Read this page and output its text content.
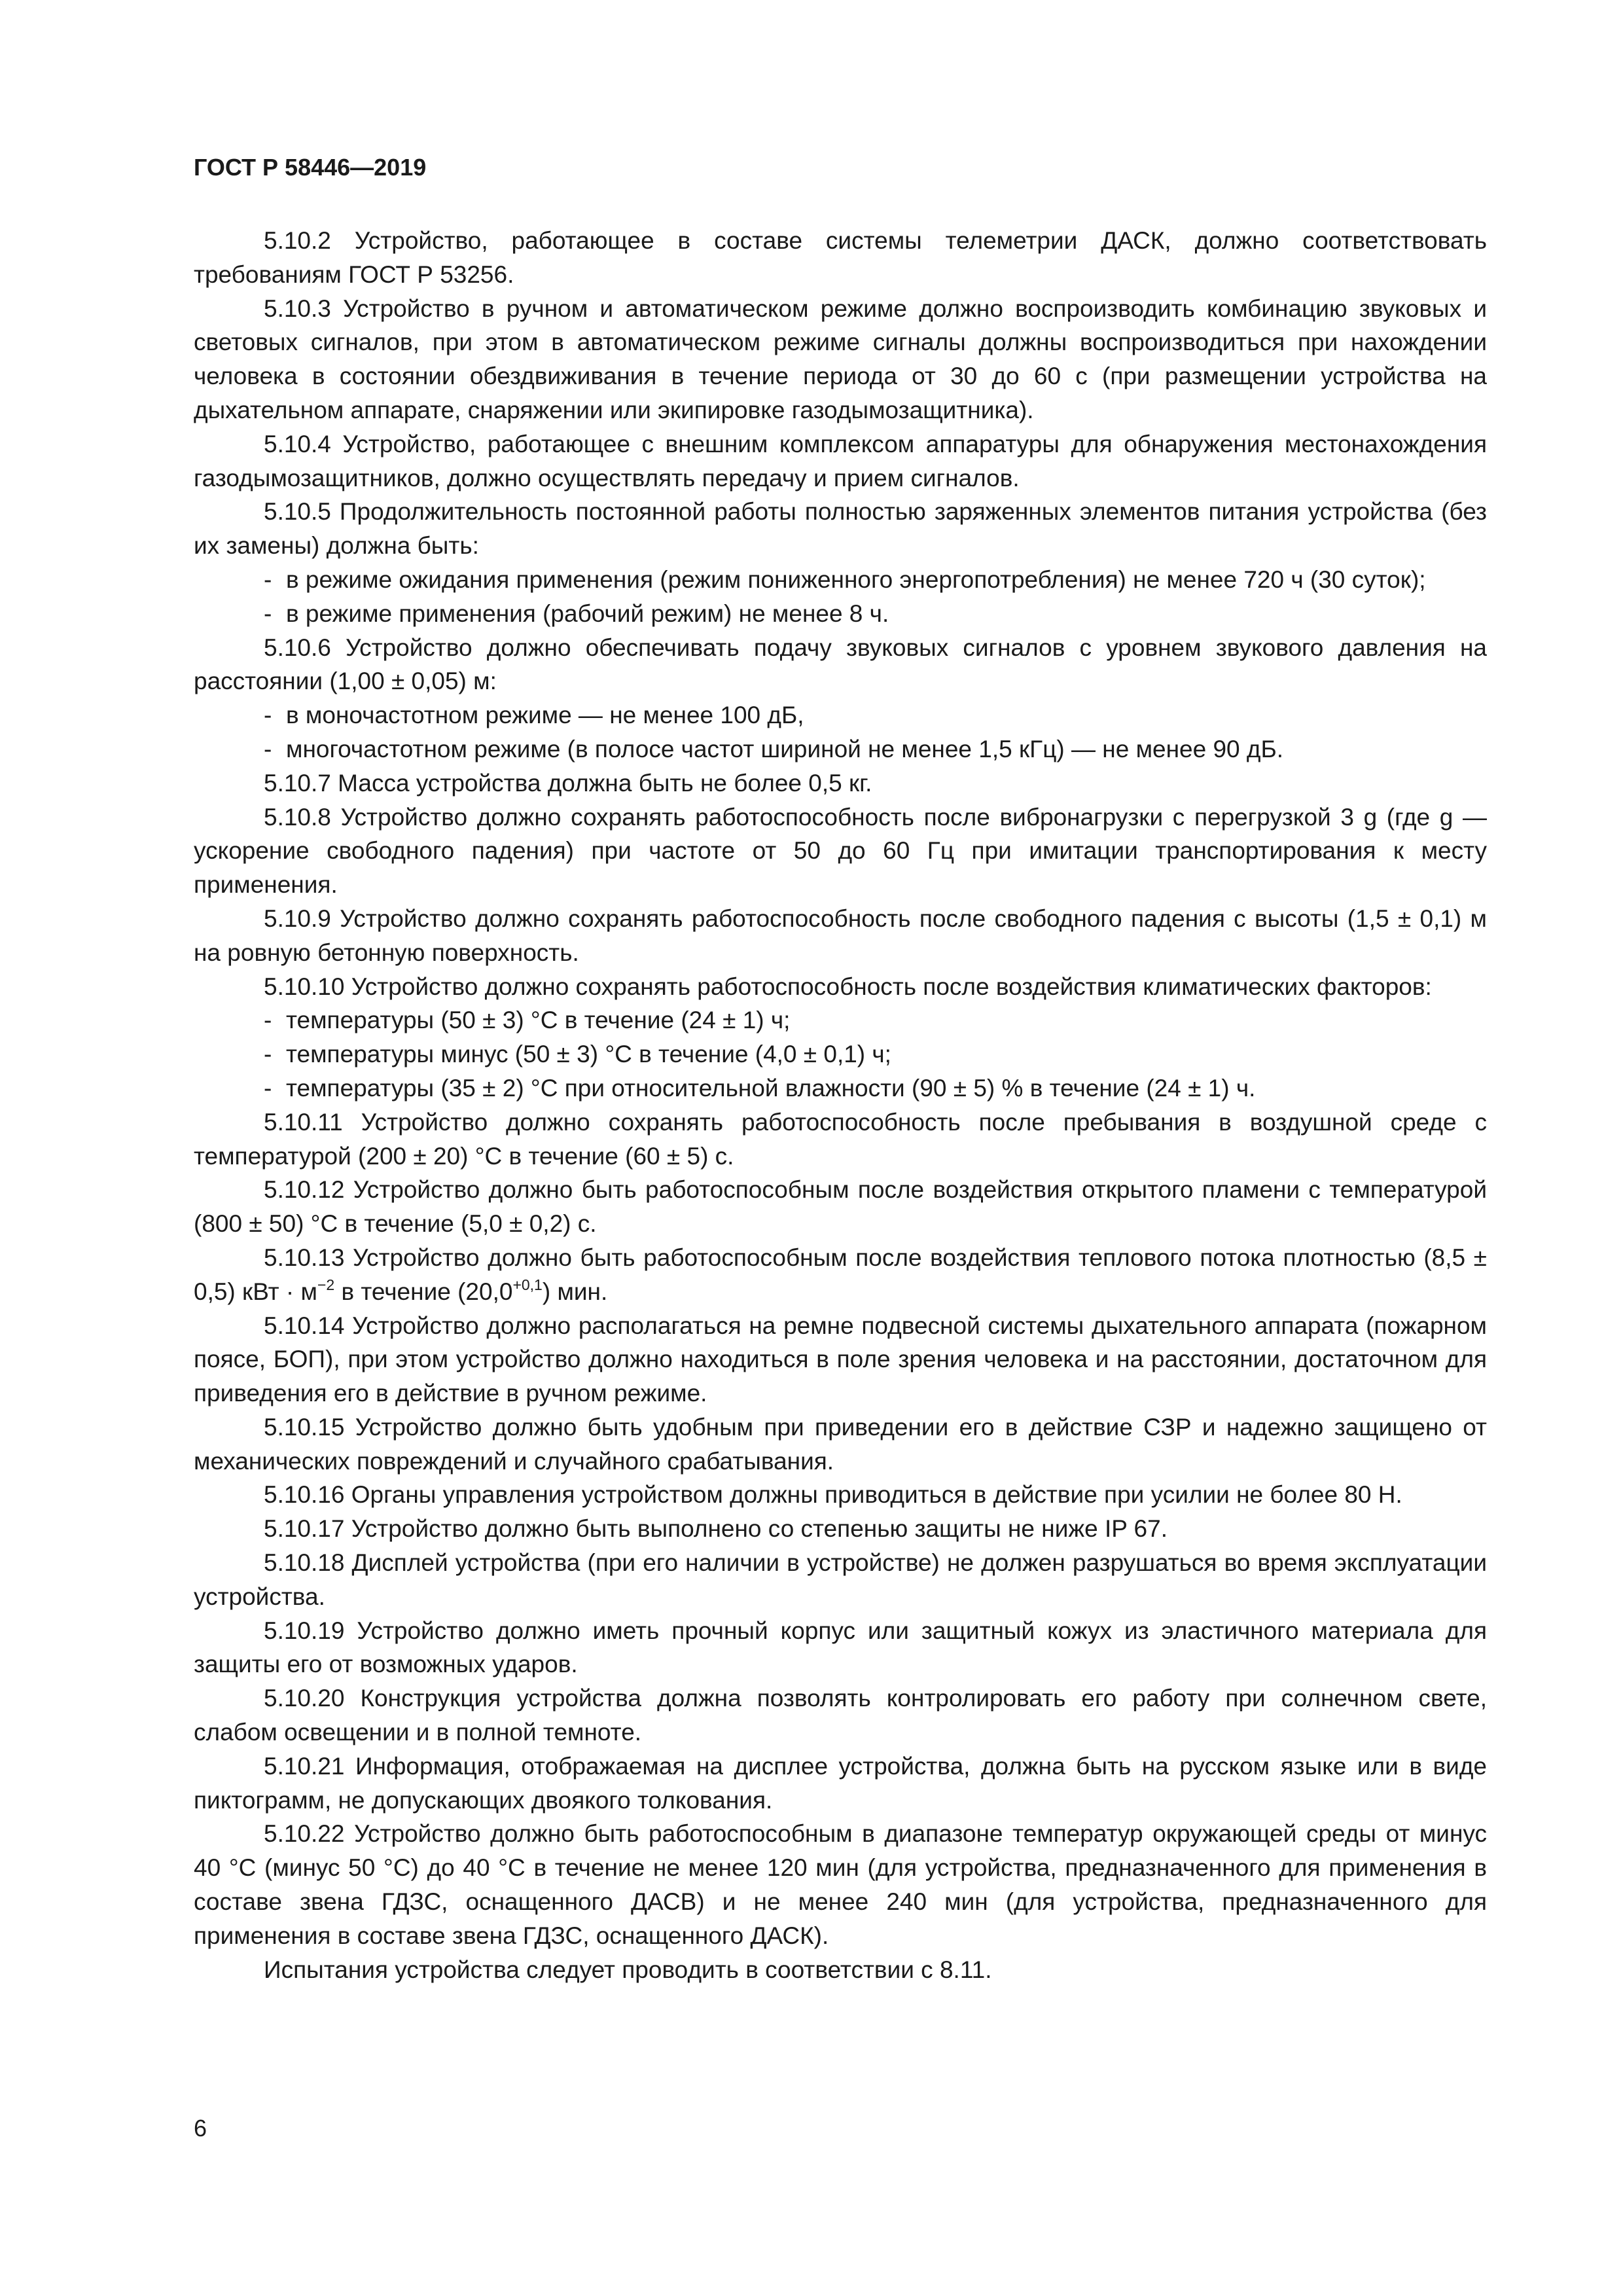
ГОСТ Р 58446—2019

5.10.2 Устройство, работающее в составе системы телеметрии ДАСК, должно соответствовать требованиям ГОСТ Р 53256.

5.10.3 Устройство в ручном и автоматическом режиме должно воспроизводить комбинацию звуковых и световых сигналов, при этом в автоматическом режиме сигналы должны воспроизводиться при нахождении человека в состоянии обездвиживания в течение периода от 30 до 60 с (при размещении устройства на дыхательном аппарате, снаряжении или экипировке газодымозащитника).

5.10.4 Устройство, работающее с внешним комплексом аппаратуры для обнаружения местонахождения газодымозащитников, должно осуществлять передачу и прием сигналов.

5.10.5 Продолжительность постоянной работы полностью заряженных элементов питания устройства (без их замены) должна быть:

- в режиме ожидания применения (режим пониженного энергопотребления) не менее 720 ч (30 суток);

- в режиме применения (рабочий режим) не менее 8 ч.

5.10.6 Устройство должно обеспечивать подачу звуковых сигналов с уровнем звукового давления на расстоянии (1,00 ± 0,05) м:

- в моночастотном режиме — не менее 100 дБ,

- многочастотном режиме (в полосе частот шириной не менее 1,5 кГц) — не менее 90 дБ.

5.10.7 Масса устройства должна быть не более 0,5 кг.

5.10.8 Устройство должно сохранять работоспособность после вибронагрузки с перегрузкой 3 g (где g — ускорение свободного падения) при частоте от 50 до 60 Гц при имитации транспортирования к месту применения.

5.10.9 Устройство должно сохранять работоспособность после свободного падения с высоты (1,5 ± 0,1) м на ровную бетонную поверхность.

5.10.10 Устройство должно сохранять работоспособность после воздействия климатических факторов:

- температуры (50 ± 3) °С в течение (24 ± 1) ч;

- температуры минус (50 ± 3) °С в течение (4,0 ± 0,1) ч;

- температуры (35 ± 2) °С при относительной влажности (90 ± 5) % в течение (24 ± 1) ч.

5.10.11 Устройство должно сохранять работоспособность после пребывания в воздушной среде с температурой (200 ± 20) °С в течение (60 ± 5) с.

5.10.12 Устройство должно быть работоспособным после воздействия открытого пламени с температурой (800 ± 50) °С в течение (5,0 ± 0,2) с.

5.10.13 Устройство должно быть работоспособным после воздействия теплового потока плотностью (8,5 ± 0,5) кВт · $м^{-2}$ в течение $(20,0^{+0,1})$ мин.

5.10.14 Устройство должно располагаться на ремне подвесной системы дыхательного аппарата (пожарном поясе, БОП), при этом устройство должно находиться в поле зрения человека и на расстоянии, достаточном для приведения его в действие в ручном режиме.

5.10.15 Устройство должно быть удобным при приведении его в действие СЗР и надежно защищено от механических повреждений и случайного срабатывания.

5.10.16 Органы управления устройством должны приводиться в действие при усилии не более 80 Н.

5.10.17 Устройство должно быть выполнено со степенью защиты не ниже IP 67.

5.10.18 Дисплей устройства (при его наличии в устройстве) не должен разрушаться во время эксплуатации устройства.

5.10.19 Устройство должно иметь прочный корпус или защитный кожух из эластичного материала для защиты его от возможных ударов.

5.10.20 Конструкция устройства должна позволять контролировать его работу при солнечном свете, слабом освещении и в полной темноте.

5.10.21 Информация, отображаемая на дисплее устройства, должна быть на русском языке или в виде пиктограмм, не допускающих двоякого толкования.

5.10.22 Устройство должно быть работоспособным в диапазоне температур окружающей среды от минус 40 °С (минус 50 °С) до 40 °С в течение не менее 120 мин (для устройства, предназначенного для применения в составе звена ГДЗС, оснащенного ДАСВ) и не менее 240 мин (для устройства, предназначенного для применения в составе звена ГДЗС, оснащенного ДАСК).

Испытания устройства следует проводить в соответствии с 8.11.

6
